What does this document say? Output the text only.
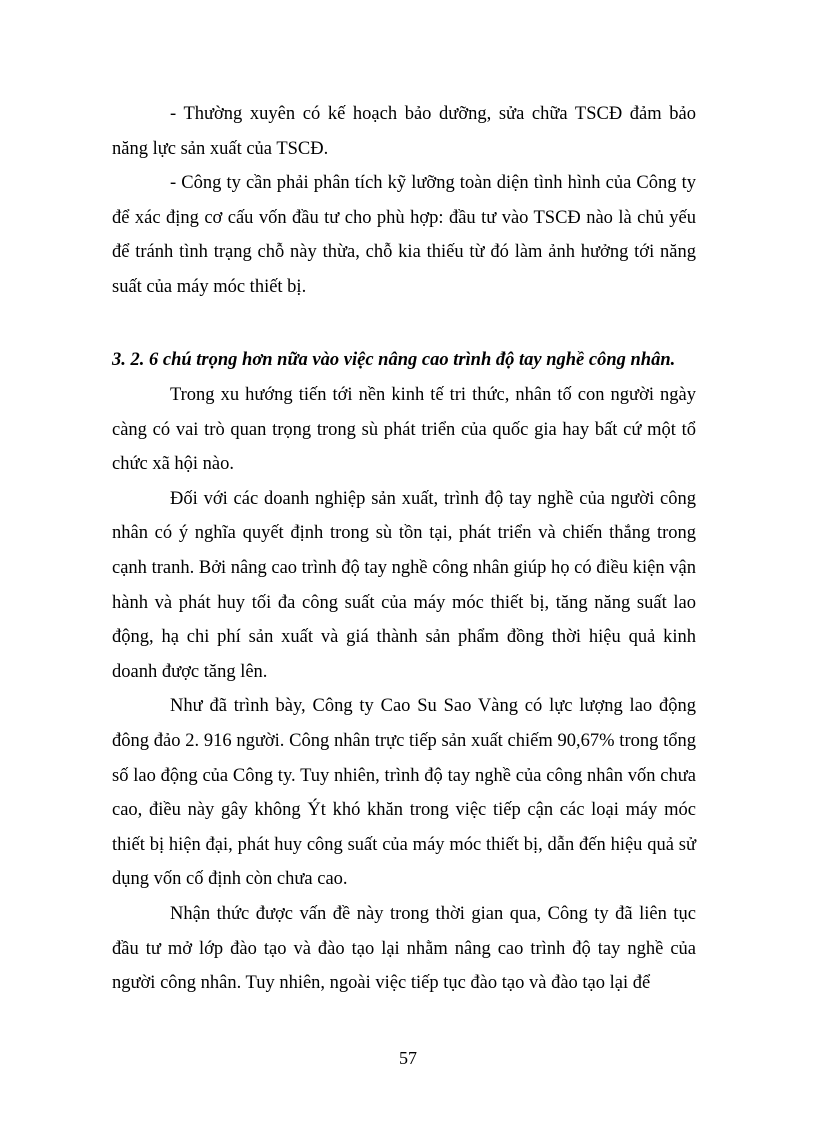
- Thường xuyên có kế hoạch bảo dưỡng, sửa chữa TSCĐ đảm bảo năng lực sản xuất của TSCĐ.

- Công ty cần phải phân tích kỹ lưỡng toàn diện tình hình của Công ty để xác địng cơ cấu vốn đầu tư cho phù hợp: đầu tư vào TSCĐ nào là chủ yếu để tránh tình trạng chỗ này thừa, chỗ kia thiếu từ đó làm ảnh hưởng tới năng suất của máy móc thiết bị.

3. 2. 6 chú trọng hơn nữa vào việc nâng cao trình độ tay nghề công nhân.

Trong xu hướng tiến tới nền kinh tế tri thức, nhân tố con người ngày càng có vai trò quan trọng trong sù phát triển của quốc gia hay bất cứ một tổ chức xã hội nào.

Đối với các doanh nghiệp sản xuất, trình độ tay nghề của người công nhân có ý nghĩa quyết định trong sù tồn tại, phát triển và chiến thắng trong cạnh tranh. Bởi nâng cao trình độ tay nghề công nhân giúp họ có điều kiện vận hành và phát huy tối đa công suất của máy móc thiết bị, tăng năng suất lao động, hạ chi phí sản xuất và giá thành sản phẩm đồng thời hiệu quả kinh doanh được tăng lên.

Như đã trình bày, Công ty Cao Su Sao Vàng có lực lượng lao động đông đảo 2. 916 người. Công nhân trực tiếp sản xuất chiếm 90,67% trong tổng số lao động của Công ty. Tuy nhiên, trình độ tay nghề của công nhân vốn chưa cao, điều này gây không Ýt khó khăn trong việc tiếp cận các loại máy móc thiết bị hiện đại, phát huy công suất của máy móc thiết bị, dẫn đến hiệu quả sử dụng vốn cố định còn chưa cao.

Nhận thức được vấn đề này trong thời gian qua, Công ty đã liên tục đầu tư mở lớp đào tạo và đào tạo lại nhằm nâng cao trình độ tay nghề của người công nhân. Tuy nhiên, ngoài việc tiếp tục đào tạo và đào tạo lại để

57
